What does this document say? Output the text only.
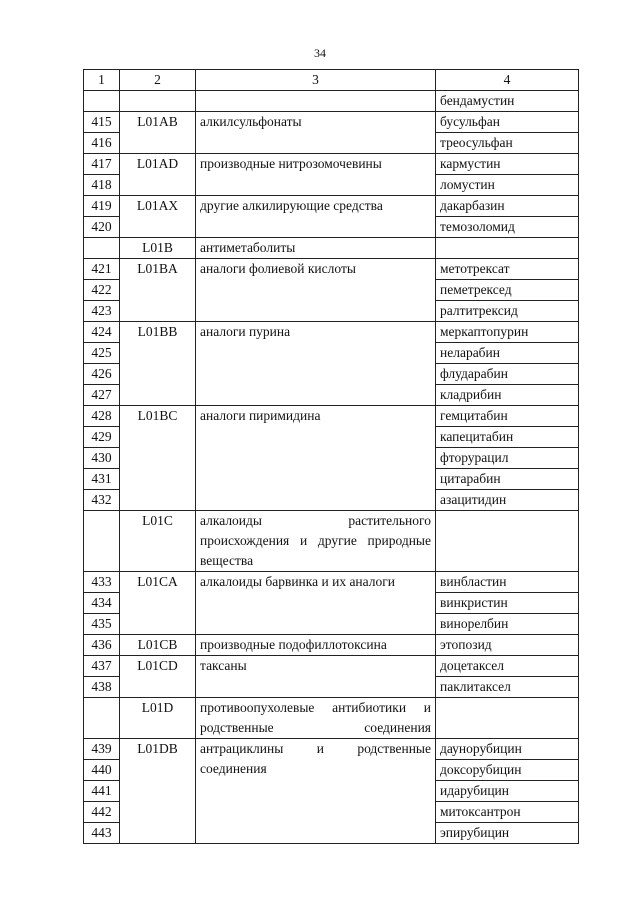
34
1	2	3	4
			бендамустин
415	L01AB	алкилсульфонаты	бусульфан
416			треосульфан
417	L01AD	производные нитрозомочевины	кармустин
418			ломустин
419	L01AX	другие алкилирующие средства	дакарбазин
420			темозоломид
	L01B	антиметаболиты	
421	L01BA	аналоги фолиевой кислоты	метотрексат
422			пеметрексед
423			ралтитрексид
424	L01BB	аналоги пурина	меркаптопурин
425			неларабин
426			флударабин
427			кладрибин
428	L01BC	аналоги пиримидина	гемцитабин
429			капецитабин
430			фторурацил
431			цитарабин
432			азацитидин
	L01C	алкалоиды растительного происхождения и другие природные вещества	
433	L01CA	алкалоиды барвинка и их аналоги	винбластин
434			винкристин
435			винорелбин
436	L01CB	производные подофиллотоксина	этопозид
437	L01CD	таксаны	доцетаксел
438			паклитаксел
	L01D	противоопухолевые антибиотики и родственные соединения	
439	L01DB	антрациклины и родственные соединения	даунорубицин
440			доксорубицин
441			идарубицин
442			митоксантрон
443			эпирубицин
